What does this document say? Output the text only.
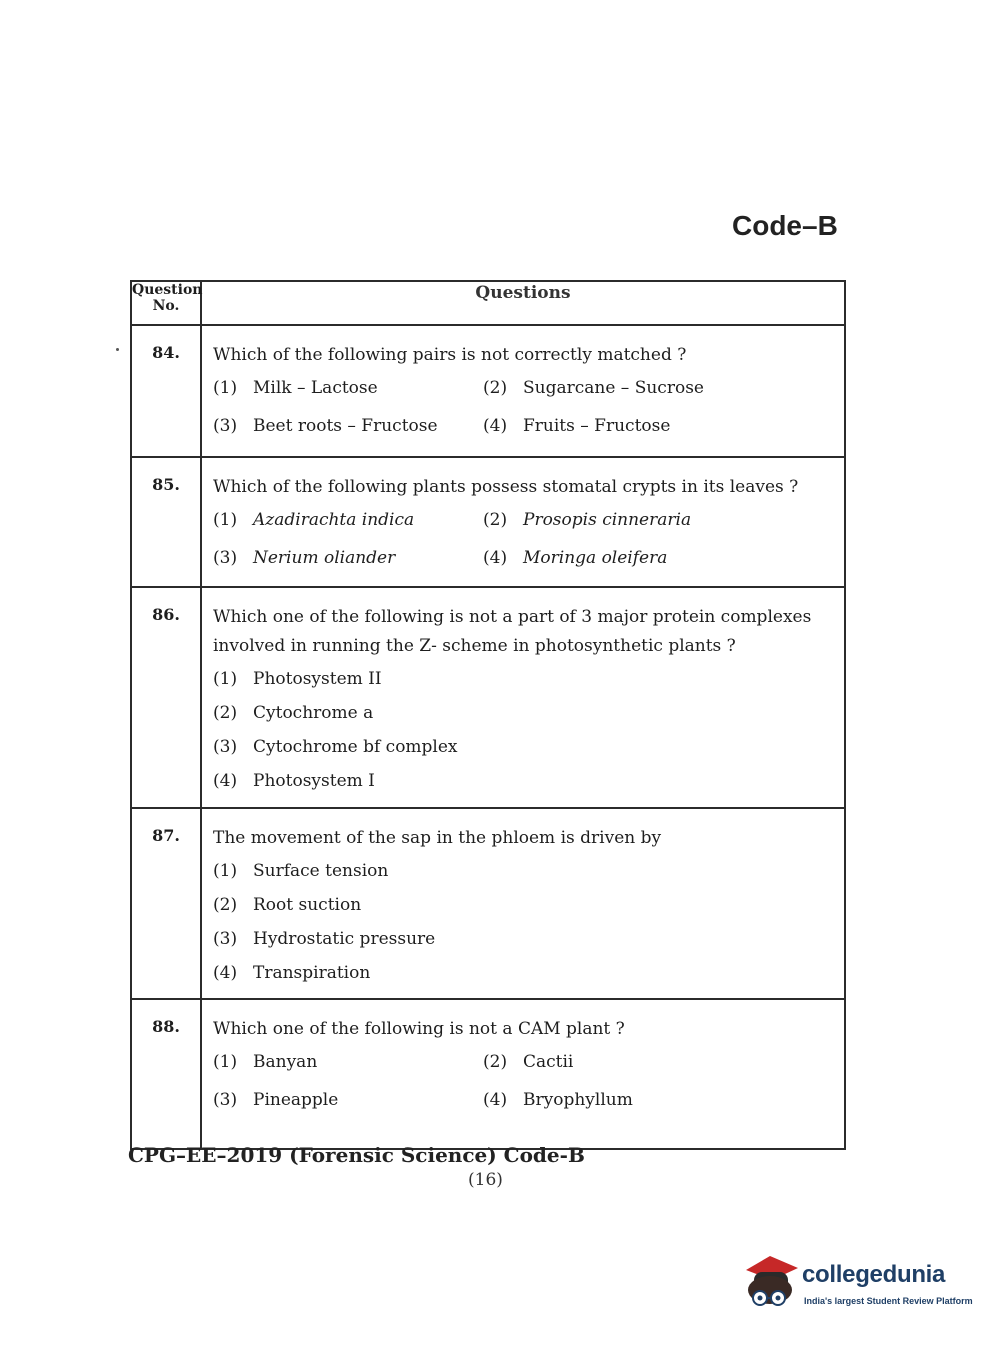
Code–B
Question No.	Questions
84.	Which of the following pairs is not correctly matched ?
(1) Milk – Lactose (2) Sugarcane – Sucrose
(3) Beet roots – Fructose (4) Fruits – Fructose

85.	Which of the following plants possess stomatal crypts in its leaves ?
(1) Azadirachta indica (2) Prosopis cinneraria
(3) Nerium oliander (4) Moringa oleifera

86.	Which one of the following is not a part of 3 major protein complexes involved in running the Z- scheme in photosynthetic plants ?
(1) Photosystem II
(2) Cytochrome a
(3) Cytochrome bf complex
(4) Photosystem I

87.	The movement of the sap in the phloem is driven by
(1) Surface tension
(2) Root suction
(3) Hydrostatic pressure
(4) Transpiration

88.	Which one of the following is not a CAM plant ?
(1) Banyan (2) Cactii
(3) Pineapple (4) Bryophyllum
CPG–EE–2019 (Forensic Science) Code-B
(16)
collegedunia
India's largest Student Review Platform
